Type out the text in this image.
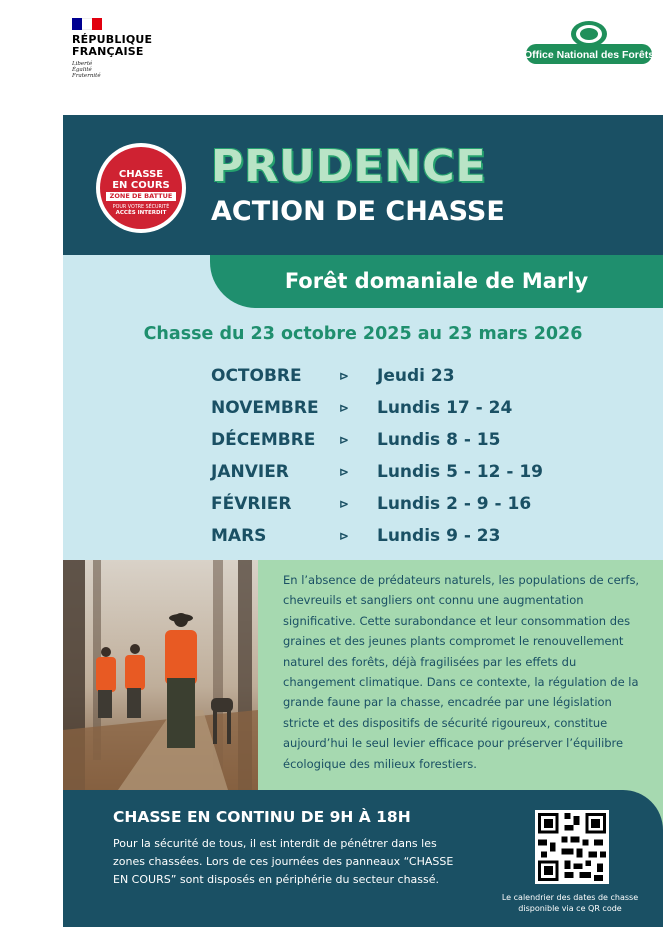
RÉPUBLIQUE
FRANÇAISE
Liberté
Égalité
Fraternité
Office National des Forêts
CHASSE
EN COURS
ZONE DE BATTUE
POUR VOTRE SÉCURITÉ
ACCÈS INTERDIT
PRUDENCE
ACTION DE CHASSE
Forêt domaniale de Marly
Chasse du 23 octobre 2025 au 23 mars 2026
OCTOBRE	⊳	Jeudi 23
NOVEMBRE	⊳	Lundis 17 - 24
DÉCEMBRE	⊳	Lundis 8 - 15
JANVIER	⊳	Lundis 5 - 12 - 19
FÉVRIER	⊳	Lundis 2 - 9 - 16
MARS	⊳	Lundis 9 - 23
En l’absence de prédateurs naturels, les populations de cerfs, chevreuils et sangliers ont connu une augmentation significative. Cette surabondance et leur consommation des graines et des jeunes plants compromet le renouvellement naturel des forêts, déjà fragilisées par les effets du changement climatique. Dans ce contexte, la régulation de la grande faune par la chasse, encadrée par une législation stricte et des dispositifs de sécurité rigoureux, constitue aujourd’hui le seul levier efficace pour préserver l’équilibre écologique des milieux forestiers.
CHASSE EN CONTINU DE 9H À 18H
Pour la sécurité de tous, il est interdit de pénétrer dans les zones chassées. Lors de ces journées des panneaux “CHASSE EN COURS” sont disposés en périphérie du secteur chassé.
Le calendrier des dates de chasse
disponible via ce QR code
